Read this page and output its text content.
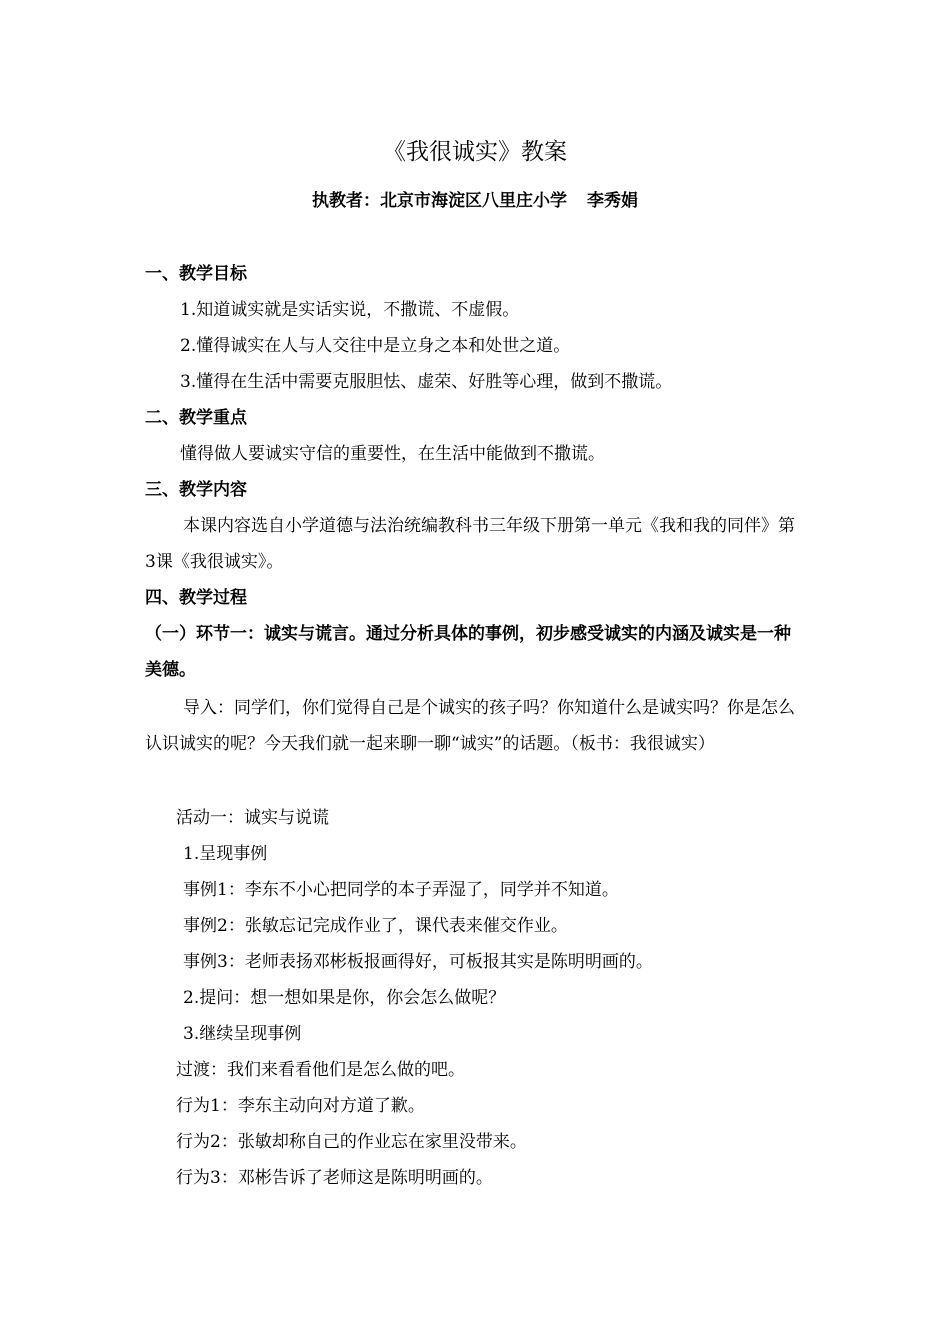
《我很诚实》教案
执教者：北京市海淀区八里庄小学 李秀娟
一、教学目标
1.知道诚实就是实话实说，不撒谎、不虚假。
2.懂得诚实在人与人交往中是立身之本和处世之道。
3.懂得在生活中需要克服胆怯、虚荣、好胜等心理，做到不撒谎。
二、教学重点
懂得做人要诚实守信的重要性，在生活中能做到不撒谎。
三、教学内容
本课内容选自小学道德与法治统编教科书三年级下册第一单元《我和我的同伴》第3课《我很诚实》。
四、教学过程
（一）环节一：诚实与谎言。通过分析具体的事例，初步感受诚实的内涵及诚实是一种美德。
导入：同学们，你们觉得自己是个诚实的孩子吗？你知道什么是诚实吗？你是怎么认识诚实的呢？今天我们就一起来聊一聊“诚实”的话题。（板书：我很诚实）
活动一：诚实与说谎
1.呈现事例
事例1：李东不小心把同学的本子弄湿了，同学并不知道。
事例2：张敏忘记完成作业了，课代表来催交作业。
事例3：老师表扬邓彬板报画得好，可板报其实是陈明明画的。
2.提问：想一想如果是你，你会怎么做呢？
3.继续呈现事例
过渡：我们来看看他们是怎么做的吧。
行为1：李东主动向对方道了歉。
行为2：张敏却称自己的作业忘在家里没带来。
行为3：邓彬告诉了老师这是陈明明画的。
